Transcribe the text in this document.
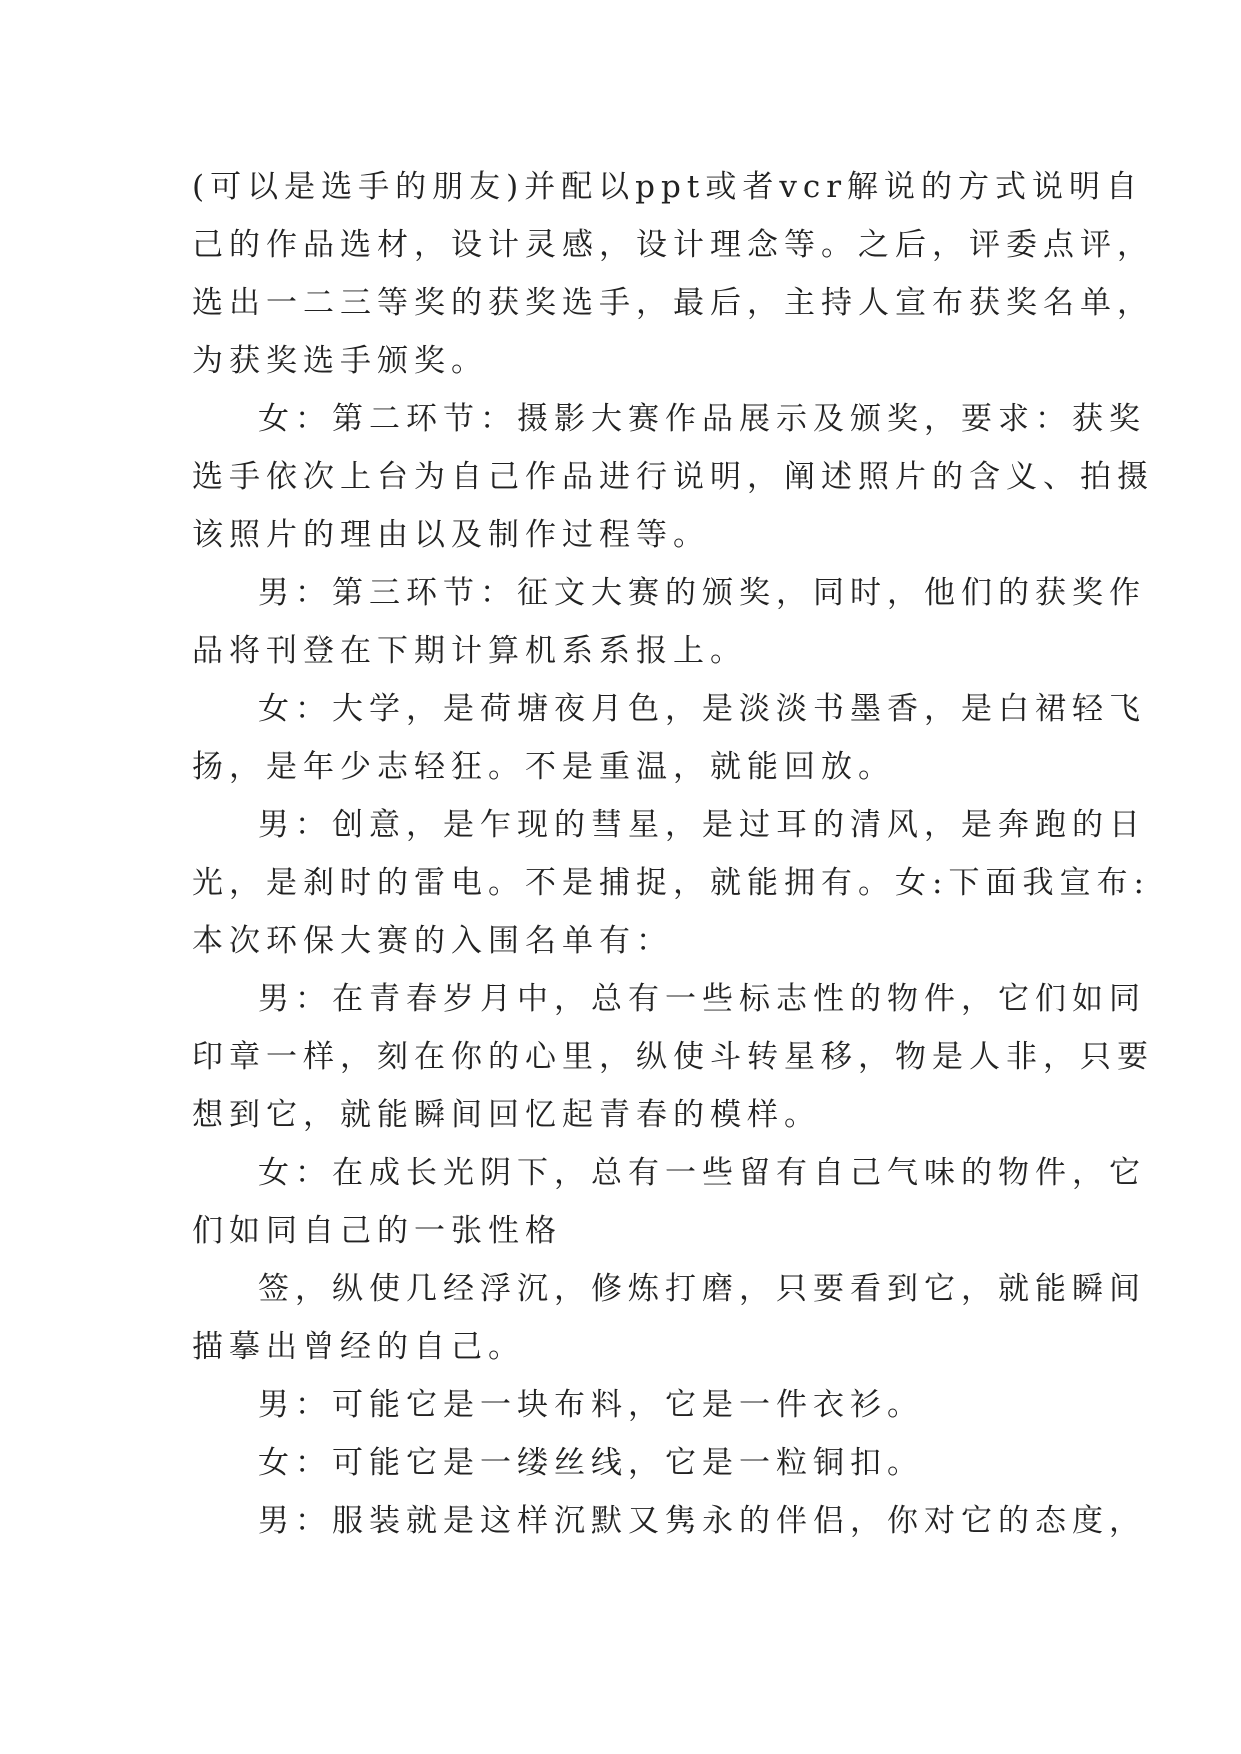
(可以是选手的朋友)并配以ppt或者vcr解说的方式说明自

己的作品选材，设计灵感，设计理念等。之后，评委点评，

选出一二三等奖的获奖选手，最后，主持人宣布获奖名单，

为获奖选手颁奖。

女：第二环节：摄影大赛作品展示及颁奖，要求：获奖

选手依次上台为自己作品进行说明，阐述照片的含义、拍摄

该照片的理由以及制作过程等。

男：第三环节：征文大赛的颁奖，同时，他们的获奖作

品将刊登在下期计算机系系报上。

女：大学，是荷塘夜月色，是淡淡书墨香，是白裙轻飞

扬，是年少志轻狂。不是重温，就能回放。

男：创意，是乍现的彗星，是过耳的清风，是奔跑的日

光，是刹时的雷电。不是捕捉，就能拥有。女:下面我宣布:

本次环保大赛的入围名单有：

男：在青春岁月中，总有一些标志性的物件，它们如同

印章一样，刻在你的心里，纵使斗转星移，物是人非，只要

想到它，就能瞬间回忆起青春的模样。

女：在成长光阴下，总有一些留有自己气味的物件，它

们如同自己的一张性格

签，纵使几经浮沉，修炼打磨，只要看到它，就能瞬间

描摹出曾经的自己。

男：可能它是一块布料，它是一件衣衫。

女：可能它是一缕丝线，它是一粒铜扣。

男：服装就是这样沉默又隽永的伴侣，你对它的态度，
